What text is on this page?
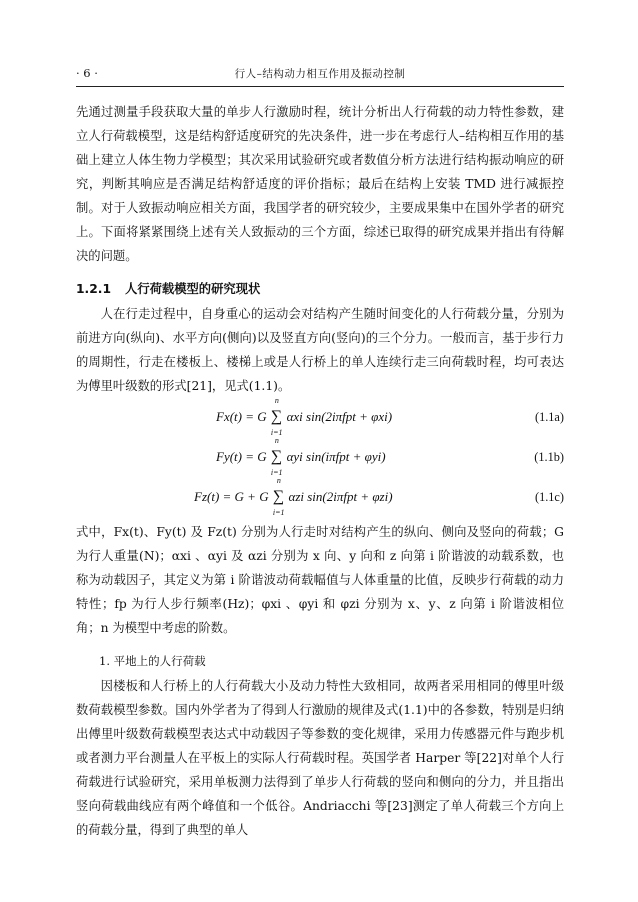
· 6 ·	行人–结构动力相互作用及振动控制

先通过测量手段获取大量的单步人行激励时程，统计分析出人行荷载的动力特性参数，建立人行荷载模型，这是结构舒适度研究的先决条件，进一步在考虑行人–结构相互作用的基础上建立人体生物力学模型；其次采用试验研究或者数值分析方法进行结构振动响应的研究，判断其响应是否满足结构舒适度的评价指标；最后在结构上安装 TMD 进行减振控制。对于人致振动响应相关方面，我国学者的研究较少，主要成果集中在国外学者的研究上。下面将紧紧围绕上述有关人致振动的三个方面，综述已取得的研究成果并指出有待解决的问题。

1.2.1 人行荷载模型的研究现状

人在行走过程中，自身重心的运动会对结构产生随时间变化的人行荷载分量，分别为前进方向(纵向)、水平方向(侧向)以及竖直方向(竖向)的三个分力。一般而言，基于步行力的周期性，行走在楼板上、楼梯上或是人行桥上的单人连续行走三向荷载时程，均可表达为傅里叶级数的形式[21]，见式(1.1)。

Fx(t) = G ∑
n
i=1
αxi sin(2iπfpt + φxi)	(1.1a)
Fy(t) = G ∑
n
i=1
αyi sin(iπfpt + φyi)	(1.1b)
Fz(t) = G + G ∑
n
i=1
αzi sin(2iπfpt + φzi)	(1.1c)

式中，Fx(t)、Fy(t) 及 Fz(t) 分别为人行走时对结构产生的纵向、侧向及竖向的荷载；G 为行人重量(N)；αxi 、αyi 及 αzi 分别为 x 向、y 向和 z 向第 i 阶谐波的动载系数，也称为动载因子，其定义为第 i 阶谐波动荷载幅值与人体重量的比值，反映步行荷载的动力特性；fp 为行人步行频率(Hz)；φxi 、φyi 和 φzi 分别为 x、y、z 向第 i 阶谐波相位角；n 为模型中考虑的阶数。

1. 平地上的人行荷载

因楼板和人行桥上的人行荷载大小及动力特性大致相同，故两者采用相同的傅里叶级数荷载模型参数。国内外学者为了得到人行激励的规律及式(1.1)中的各参数，特别是归纳出傅里叶级数荷载模型表达式中动载因子等参数的变化规律，采用力传感器元件与跑步机或者测力平台测量人在平板上的实际人行荷载时程。英国学者 Harper 等[22]对单个人行荷载进行试验研究，采用单板测力法得到了单步人行荷载的竖向和侧向的分力，并且指出竖向荷载曲线应有两个峰值和一个低谷。Andriacchi 等[23]测定了单人荷载三个方向上的荷载分量，得到了典型的单人
